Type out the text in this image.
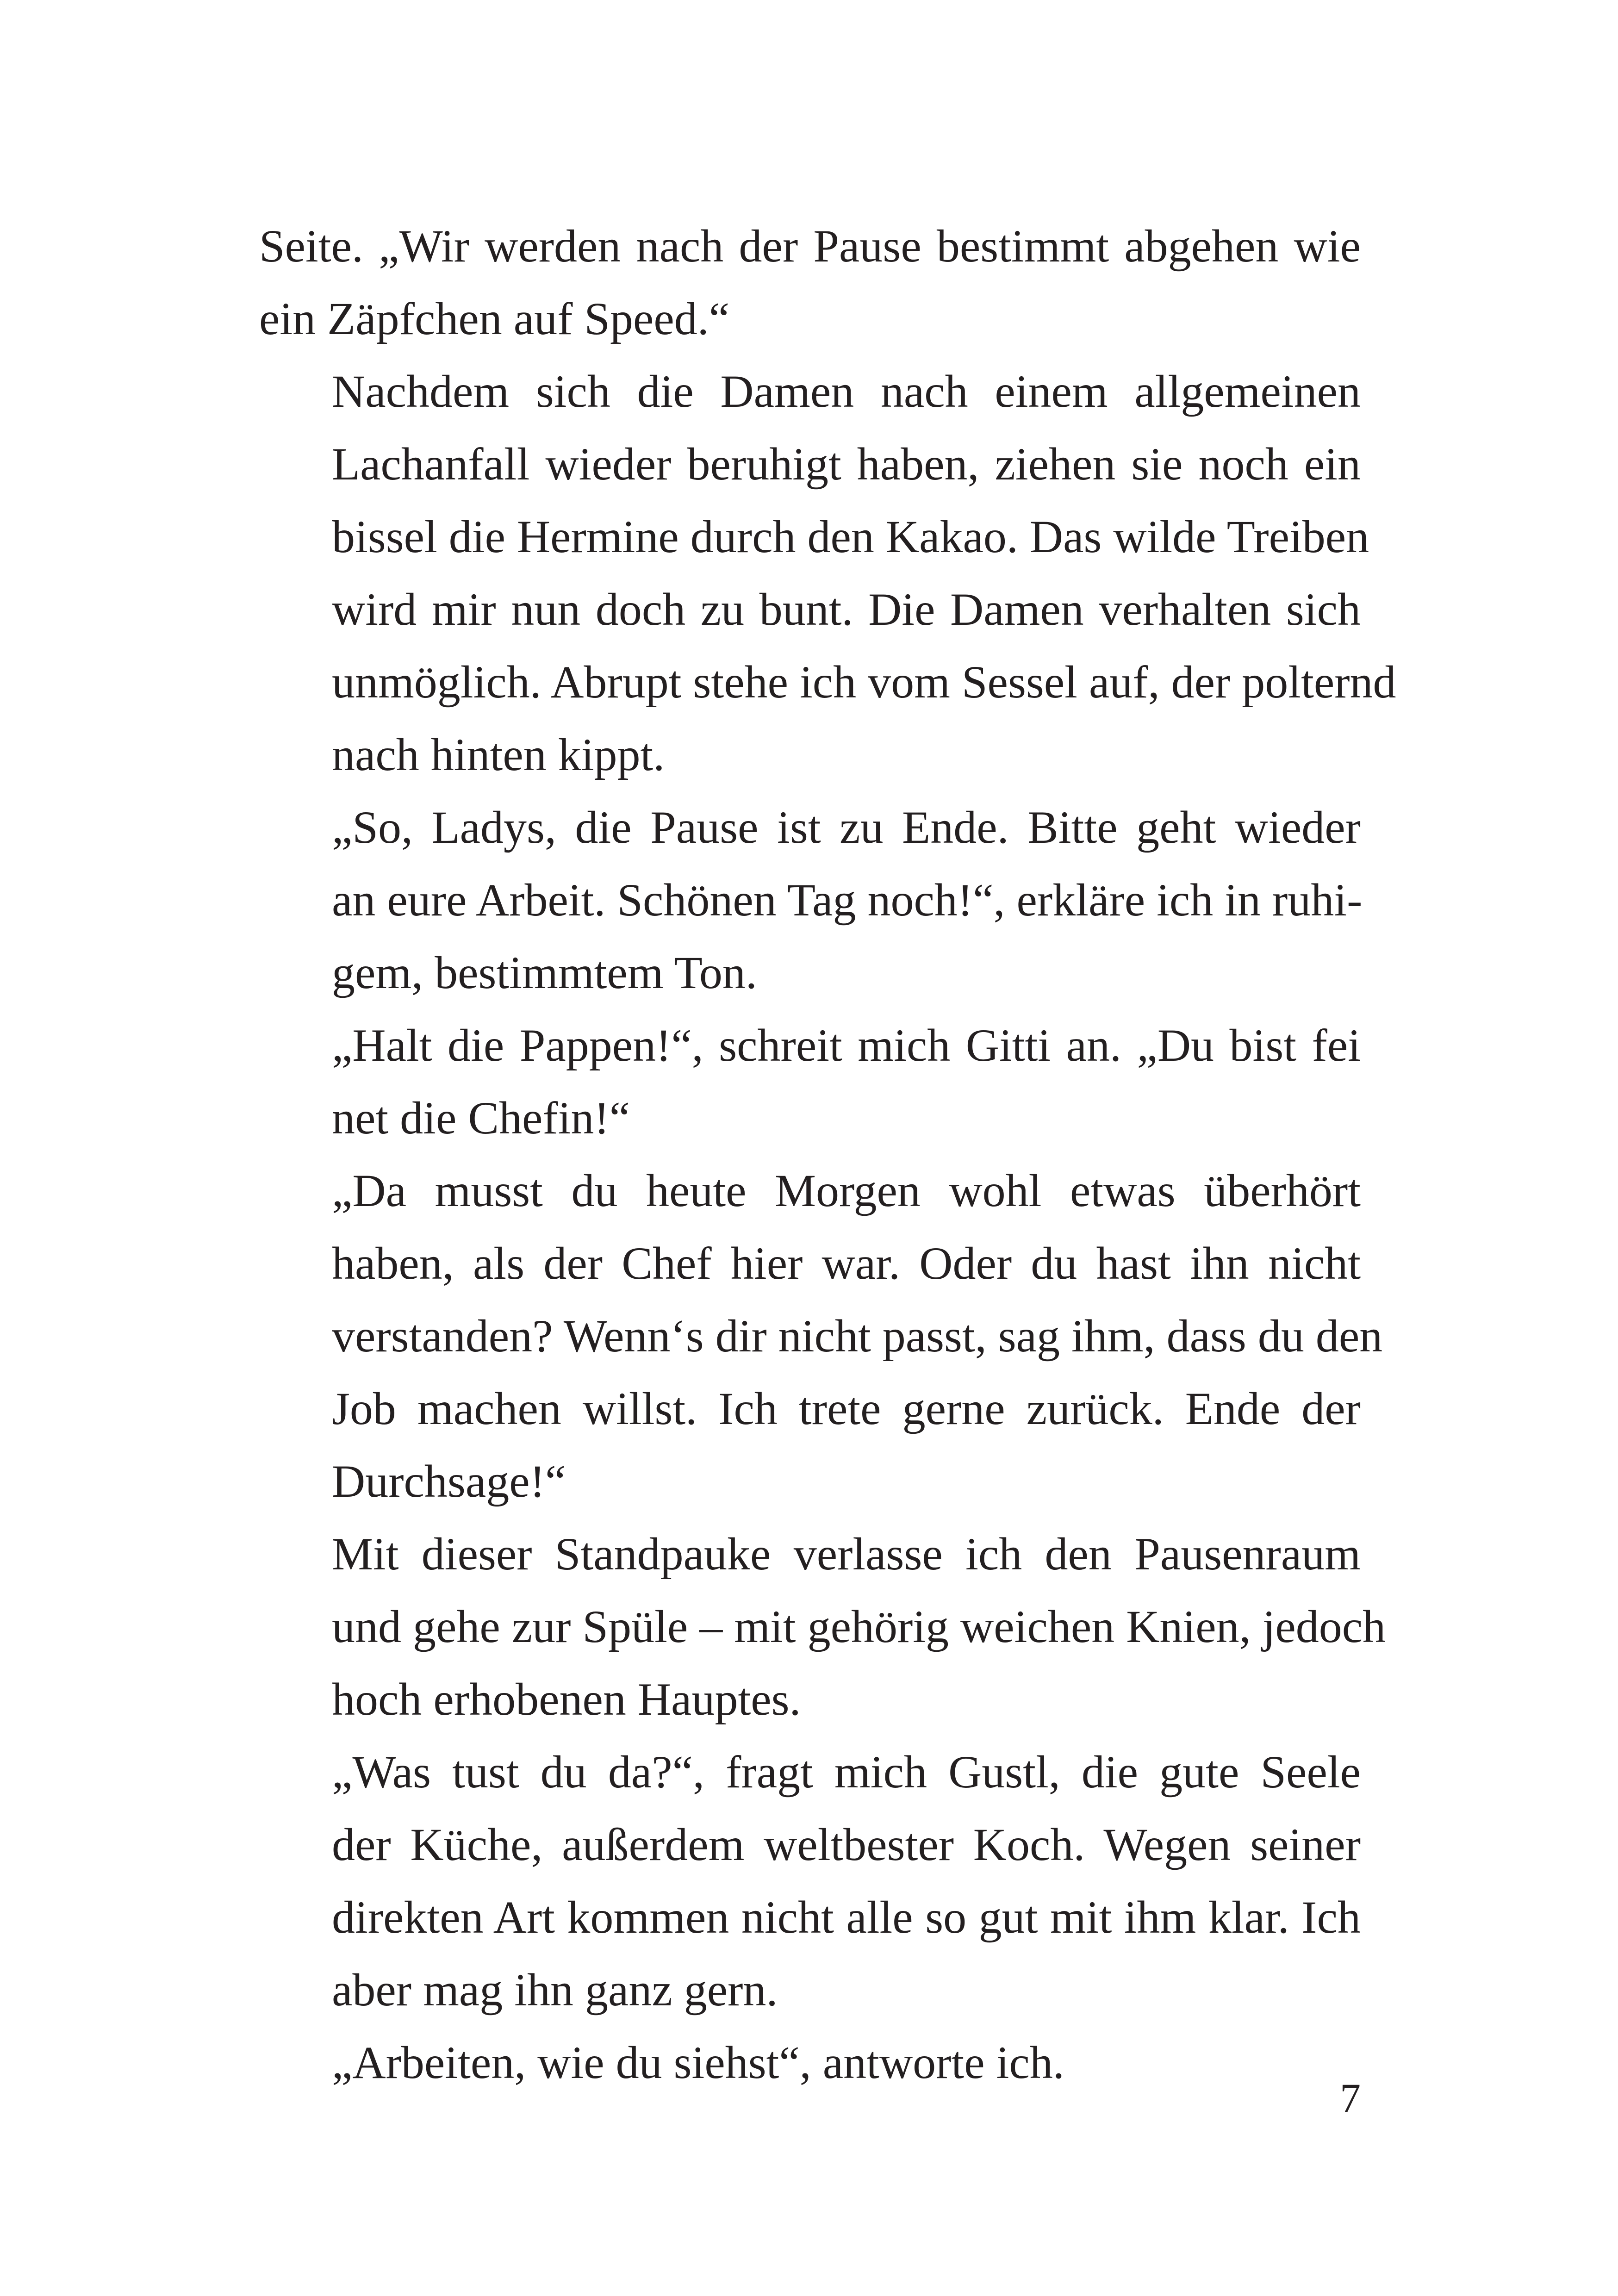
Seite. „Wir werden nach der Pause bestimmt abgehen wie
ein Zäpfchen auf Speed.“

Nachdem sich die Damen nach einem allgemeinen
Lachanfall wieder beruhigt haben, ziehen sie noch ein
bissel die Hermine durch den Kakao. Das wilde Treiben
wird mir nun doch zu bunt. Die Damen verhalten sich
unmöglich. Abrupt stehe ich vom Sessel auf, der polternd
nach hinten kippt.

„So, Ladys, die Pause ist zu Ende. Bitte geht wieder
an eure Arbeit. Schönen Tag noch!“, erkläre ich in ruhi-
gem, bestimmtem Ton.

„Halt die Pappen!“, schreit mich Gitti an. „Du bist fei
net die Chefin!“

„Da musst du heute Morgen wohl etwas überhört
haben, als der Chef hier war. Oder du hast ihn nicht
verstanden? Wenn‘s dir nicht passt, sag ihm, dass du den
Job machen willst. Ich trete gerne zurück. Ende der
Durchsage!“

Mit dieser Standpauke verlasse ich den Pausenraum
und gehe zur Spüle – mit gehörig weichen Knien, jedoch
hoch erhobenen Hauptes.

„Was tust du da?“, fragt mich Gustl, die gute Seele
der Küche, außerdem weltbester Koch. Wegen seiner
direkten Art kommen nicht alle so gut mit ihm klar. Ich
aber mag ihn ganz gern.

„Arbeiten, wie du siehst“, antworte ich.

7
